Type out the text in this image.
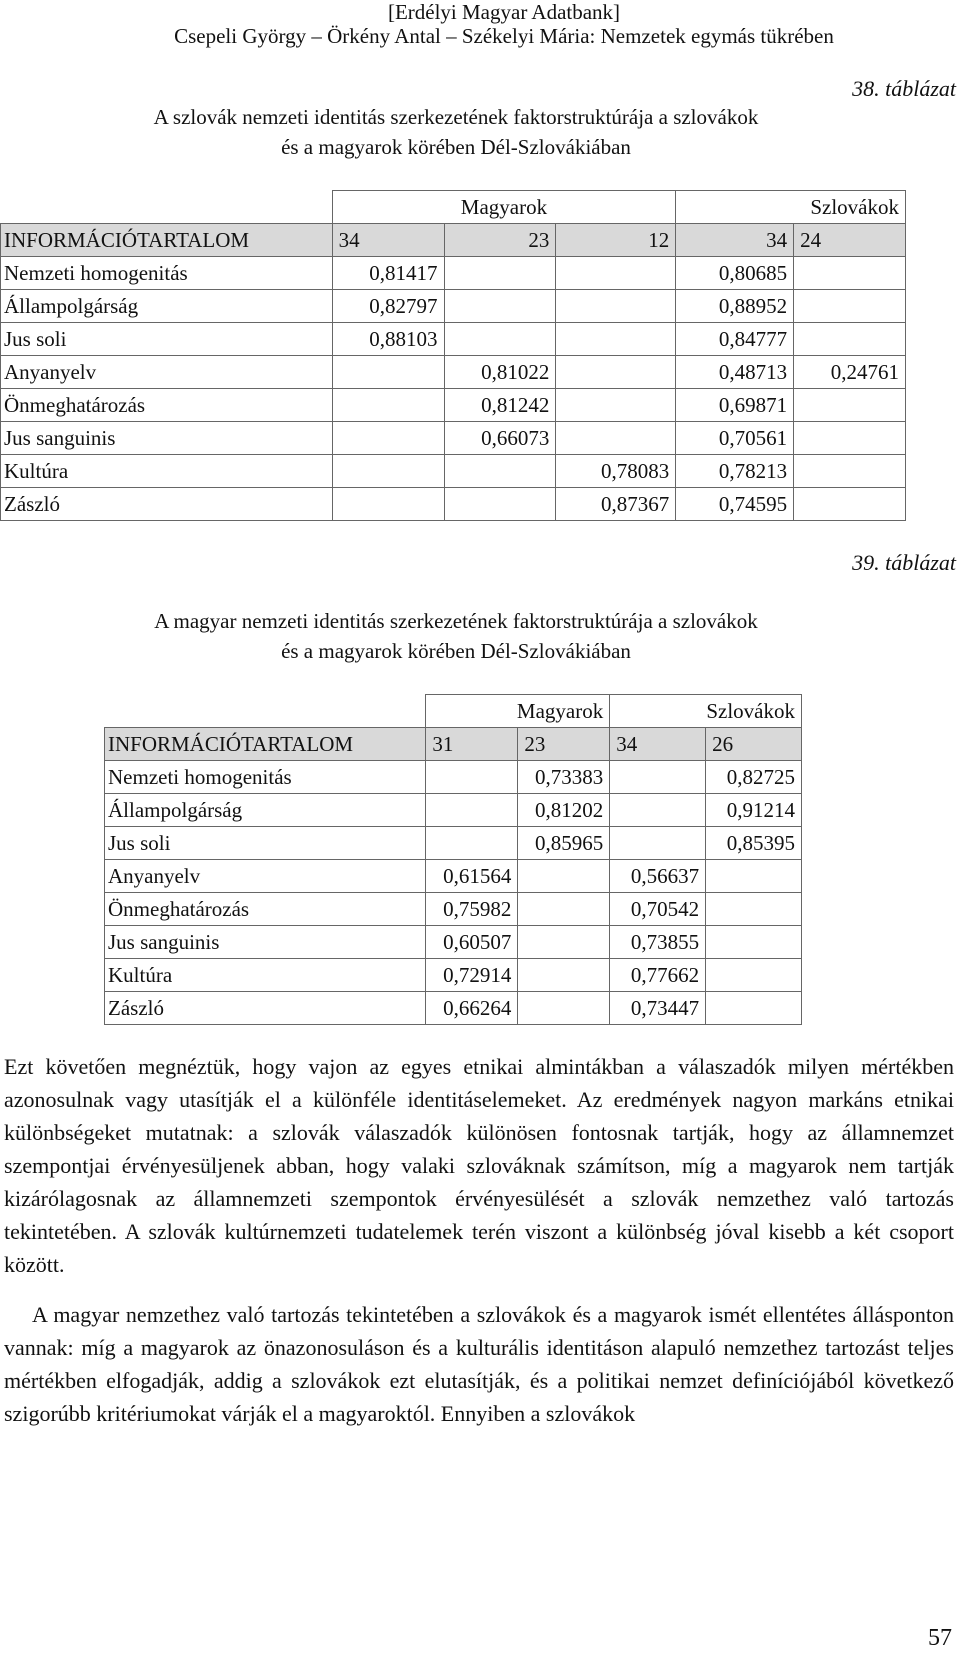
[Erdélyi Magyar Adatbank]
Csepeli György – Örkény Antal – Székelyi Mária: Nemzetek egymás tükrében
38. táblázat
A szlovák nemzeti identitás szerkezetének faktorstruktúrája a szlovákok
és a magyarok körében Dél-Szlovákiában
	Magyarok			Szlovákok	
INFORMÁCIÓTARTALOM	34	23	12	34	24
Nemzeti homogenitás	0,81417			0,80685	
Állampolgárság	0,82797			0,88952	
Jus soli	0,88103			0,84777	
Anyanyelv		0,81022		0,48713	0,24761
Önmeghatározás		0,81242		0,69871	
Jus sanguinis		0,66073		0,70561	
Kultúra			0,78083	0,78213	
Zászló			0,87367	0,74595	
39. táblázat
A magyar nemzeti identitás szerkezetének faktorstruktúrája a szlovákok
és a magyarok körében Dél-Szlovákiában
	Magyarok		Szlovákok	
INFORMÁCIÓTARTALOM	31	23	34	26
Nemzeti homogenitás		0,73383		0,82725
Állampolgárság		0,81202		0,91214
Jus soli		0,85965		0,85395
Anyanyelv	0,61564		0,56637	
Önmeghatározás	0,75982		0,70542	
Jus sanguinis	0,60507		0,73855	
Kultúra	0,72914		0,77662	
Zászló	0,66264		0,73447	
Ezt követően megnéztük, hogy vajon az egyes etnikai almintákban a válaszadók milyen mértékben azonosulnak vagy utasítják el a különféle identitáselemeket. Az eredmények nagyon markáns etnikai különbségeket mutatnak: a szlovák válaszadók különösen fontosnak tartják, hogy az államnemzet szempontjai érvényesüljenek abban, hogy valaki szlováknak számítson, míg a magyarok nem tartják kizárólagosnak az államnemzeti szempontok érvényesülését a szlovák nemzethez való tartozás tekintetében. A szlovák kultúrnemzeti tudatelemek terén viszont a különbség jóval kisebb a két csoport között.
A magyar nemzethez való tartozás tekintetében a szlovákok és a magyarok ismét ellentétes állásponton vannak: míg a magyarok az önazonosuláson és a kulturális identitáson alapuló nemzethez tartozást teljes mértékben elfogadják, addig a szlovákok ezt elutasítják, és a politikai nemzet definíciójából következő szigorúbb kritériumokat várják el a magyaroktól. Ennyiben a szlovákok
57
